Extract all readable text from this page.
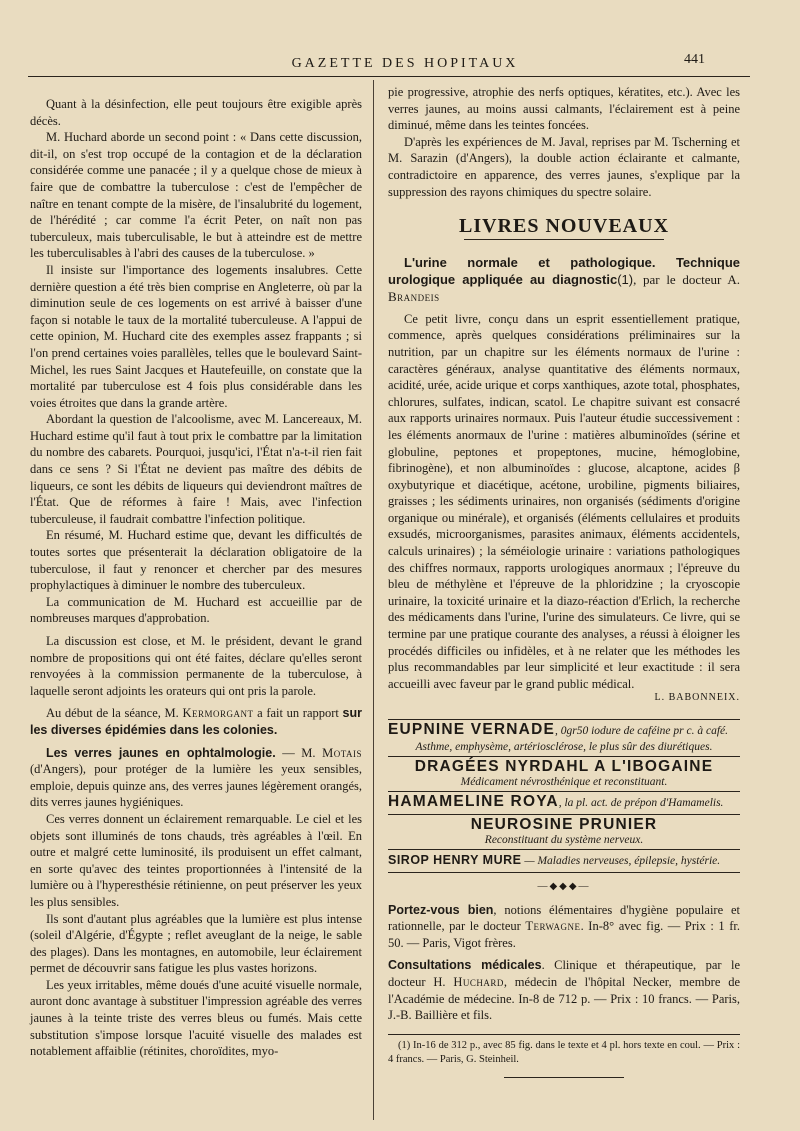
GAZETTE DES HOPITAUX	441

Quant à la désinfection, elle peut toujours être exigible après décès.

M. Huchard aborde un second point : « Dans cette discussion, dit-il, on s'est trop occupé de la contagion et de la déclaration considérée comme une panacée ; il y a quelque chose de mieux à faire que de combattre la tuberculose : c'est de l'empêcher de naître en tenant compte de la misère, de l'insalubrité du logement, de l'hérédité ; car comme l'a écrit Peter, on naît non pas tuberculeux, mais tuberculisable, le but à atteindre est de mettre les tuberculisables à l'abri des causes de la tuberculose. »

Il insiste sur l'importance des logements insalubres. Cette dernière question a été très bien comprise en Angleterre, où par la diminution seule de ces logements on est arrivé à baisser d'une façon si notable le taux de la mortalité tuberculeuse. A l'appui de cette opinion, M. Huchard cite des exemples assez frappants ; si l'on prend certaines voies parallèles, telles que le boulevard Saint-Michel, les rues Saint Jacques et Hautefeuille, on constate que la mortalité par tuberculose est 4 fois plus considérable dans les voies étroites que dans la grande artère.

Abordant la question de l'alcoolisme, avec M. Lancereaux, M. Huchard estime qu'il faut à tout prix le combattre par la limitation du nombre des cabarets. Pourquoi, jusqu'ici, l'État n'a-t-il rien fait dans ce sens ? Si l'État ne devient pas maître des débits de liqueurs, ce sont les débits de liqueurs qui deviendront maîtres de l'État. Que de réformes à faire ! Mais, avec l'infection tuberculeuse, il faudrait combattre l'infection politique.

En résumé, M. Huchard estime que, devant les difficultés de toutes sortes que présenterait la déclaration obligatoire de la tuberculose, il faut y renoncer et chercher par des mesures prophylactiques à diminuer le nombre des tuberculeux.

La communication de M. Huchard est accueillie par de nombreuses marques d'approbation.

La discussion est close, et M. le président, devant le grand nombre de propositions qui ont été faites, déclare qu'elles seront renvoyées à la commission permanente de la tuberculose, à laquelle seront adjoints les orateurs qui ont pris la parole.

Au début de la séance, M. Kermorgant a fait un rapport sur les diverses épidémies dans les colonies.

Les verres jaunes en ophtalmologie. — M. Motais (d'Angers), pour protéger de la lumière les yeux sensibles, emploie, depuis quinze ans, des verres jaunes légèrement orangés, dits verres jaunes hygiéniques.

Ces verres donnent un éclairement remarquable. Le ciel et les objets sont illuminés de tons chauds, très agréables à l'œil. En outre et malgré cette luminosité, ils produisent un effet calmant, en sorte qu'avec des teintes proportionnées à l'intensité de la lumière ou à l'hyperesthésie rétinienne, on peut préserver les yeux les plus sensibles.

Ils sont d'autant plus agréables que la lumière est plus intense (soleil d'Algérie, d'Égypte ; reflet aveuglant de la neige, le sable des plages). Dans les montagnes, en automobile, leur éclairement permet de découvrir sans fatigue les plus vastes horizons.

Les yeux irritables, même doués d'une acuité visuelle normale, auront donc avantage à substituer l'impression agréable des verres jaunes à la teinte triste des verres bleus ou fumés. Mais cette substitution s'impose lorsque l'acuité visuelle des malades est notablement affaiblie (rétinites, choroïdites, myo-

pie progressive, atrophie des nerfs optiques, kératites, etc.). Avec les verres jaunes, au moins aussi calmants, l'éclairement est à peine diminué, même dans les teintes foncées.

D'après les expériences de M. Javal, reprises par M. Tscherning et M. Sarazin (d'Angers), la double action éclairante et calmante, contradictoire en apparence, des verres jaunes, s'explique par la suppression des rayons chimiques du spectre solaire.

LIVRES NOUVEAUX

L'urine normale et pathologique. Technique urologique appliquée au diagnostic(1), par le docteur A. Brandeis

Ce petit livre, conçu dans un esprit essentiellement pratique, commence, après quelques considérations préliminaires sur la nutrition, par un chapitre sur les éléments normaux de l'urine : caractères généraux, analyse quantitative des éléments normaux, acidité, urée, acide urique et corps xanthiques, azote total, phosphates, chlorures, sulfates, indican, scatol. Le chapitre suivant est consacré aux rapports urinaires normaux. Puis l'auteur étudie successivement : les éléments anormaux de l'urine : matières albuminoïdes (sérine et globuline, peptones et propeptones, mucine, hémoglobine, fibrinogène), et non albuminoïdes : glucose, alcaptone, acides β oxybutyrique et diacétique, acétone, urobiline, pigments biliaires, graisses ; les sédiments urinaires, non organisés (sédiments d'origine organique ou minérale), et organisés (éléments cellulaires et produits exsudés, microorganismes, parasites animaux, éléments accidentels, calculs urinaires) ; la séméiologie urinaire : variations pathologiques des chiffres normaux, rapports urologiques anormaux ; l'épreuve du bleu de méthylène et l'épreuve de la phloridzine ; la cryoscopie urinaire, la toxicité urinaire et la diazo-réaction d'Erlich, la recherche des médicaments dans l'urine, l'urine des simulateurs. Ce livre, qui se termine par une pratique courante des analyses, a réussi à éloigner les procédés difficiles ou infidèles, et à ne relater que les méthodes les plus recommandables par leur simplicité et leur exactitude : il sera accueilli avec faveur par le grand public médical.

L. BABONNEIX.
EUPNINE VERNADE, 0gr50 iodure de caféine pr c. à café.
Asthme, emphysème, artériosclérose, le plus sûr des diurétiques.
DRAGÉES NYRDAHL A L'IBOGAINE
Médicament névrosthénique et reconstituant.
HAMAMELINE ROYA, la pl. act. de prépon d'Hamamelis.
NEUROSINE PRUNIER
Reconstituant du système nerveux.
SIROP HENRY MURE — Maladies nerveuses, épilepsie, hystérie.
—◆◆◆—

Portez-vous bien, notions élémentaires d'hygiène populaire et rationnelle, par le docteur Terwagne. In-8° avec fig. — Prix : 1 fr. 50. — Paris, Vigot frères.

Consultations médicales. Clinique et thérapeutique, par le docteur H. Huchard, médecin de l'hôpital Necker, membre de l'Académie de médecine. In-8 de 712 p. — Prix : 10 francs. — Paris, J.-B. Baillière et fils.

(1) In-16 de 312 p., avec 85 fig. dans le texte et 4 pl. hors texte en coul. — Prix : 4 francs. — Paris, G. Steinheil.
